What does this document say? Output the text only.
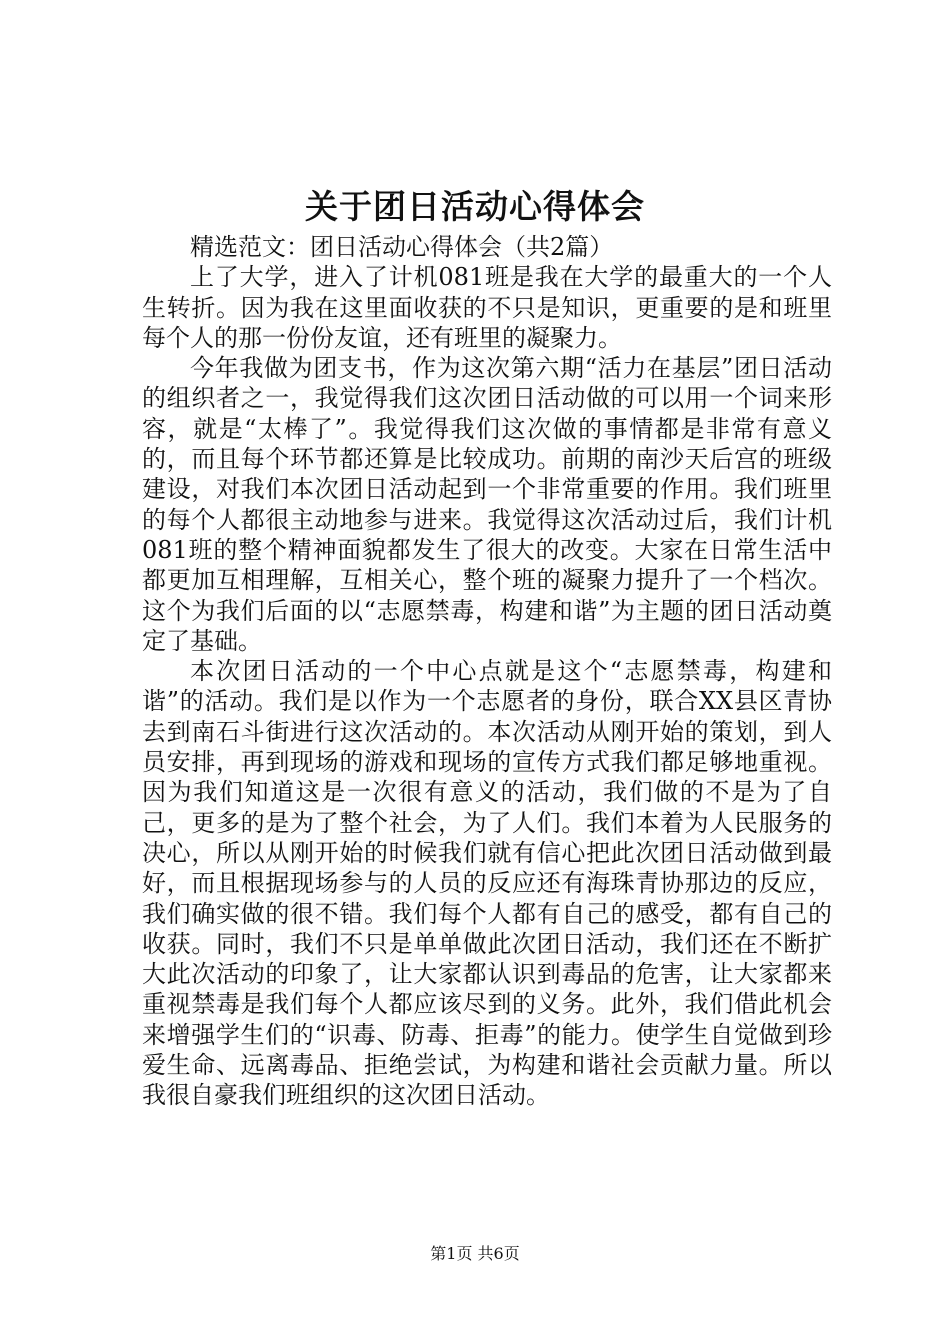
关于团日活动心得体会

精选范文：团日活动心得体会（共2篇）

上了大学，进入了计机081班是我在大学的最重大的一个人生转折。因为我在这里面收获的不只是知识，更重要的是和班里每个人的那一份份友谊，还有班里的凝聚力。

今年我做为团支书，作为这次第六期“活力在基层”团日活动的组织者之一，我觉得我们这次团日活动做的可以用一个词来形容，就是“太棒了”。我觉得我们这次做的事情都是非常有意义的，而且每个环节都还算是比较成功。前期的南沙天后宫的班级建设，对我们本次团日活动起到一个非常重要的作用。我们班里的每个人都很主动地参与进来。我觉得这次活动过后，我们计机081班的整个精神面貌都发生了很大的改变。大家在日常生活中都更加互相理解，互相关心，整个班的凝聚力提升了一个档次。这个为我们后面的以“志愿禁毒，构建和谐”为主题的团日活动奠定了基础。

本次团日活动的一个中心点就是这个“志愿禁毒，构建和谐”的活动。我们是以作为一个志愿者的身份，联合XX县区青协去到南石斗街进行这次活动的。本次活动从刚开始的策划，到人员安排，再到现场的游戏和现场的宣传方式我们都足够地重视。因为我们知道这是一次很有意义的活动，我们做的不是为了自己，更多的是为了整个社会，为了人们。我们本着为人民服务的决心，所以从刚开始的时候我们就有信心把此次团日活动做到最好，而且根据现场参与的人员的反应还有海珠青协那边的反应，我们确实做的很不错。我们每个人都有自己的感受，都有自己的收获。同时，我们不只是单单做此次团日活动，我们还在不断扩大此次活动的印象了，让大家都认识到毒品的危害，让大家都来重视禁毒是我们每个人都应该尽到的义务。此外，我们借此机会来增强学生们的“识毒、防毒、拒毒”的能力。使学生自觉做到珍爱生命、远离毒品、拒绝尝试，为构建和谐社会贡献力量。所以我很自豪我们班组织的这次团日活动。

第1页 共6页
